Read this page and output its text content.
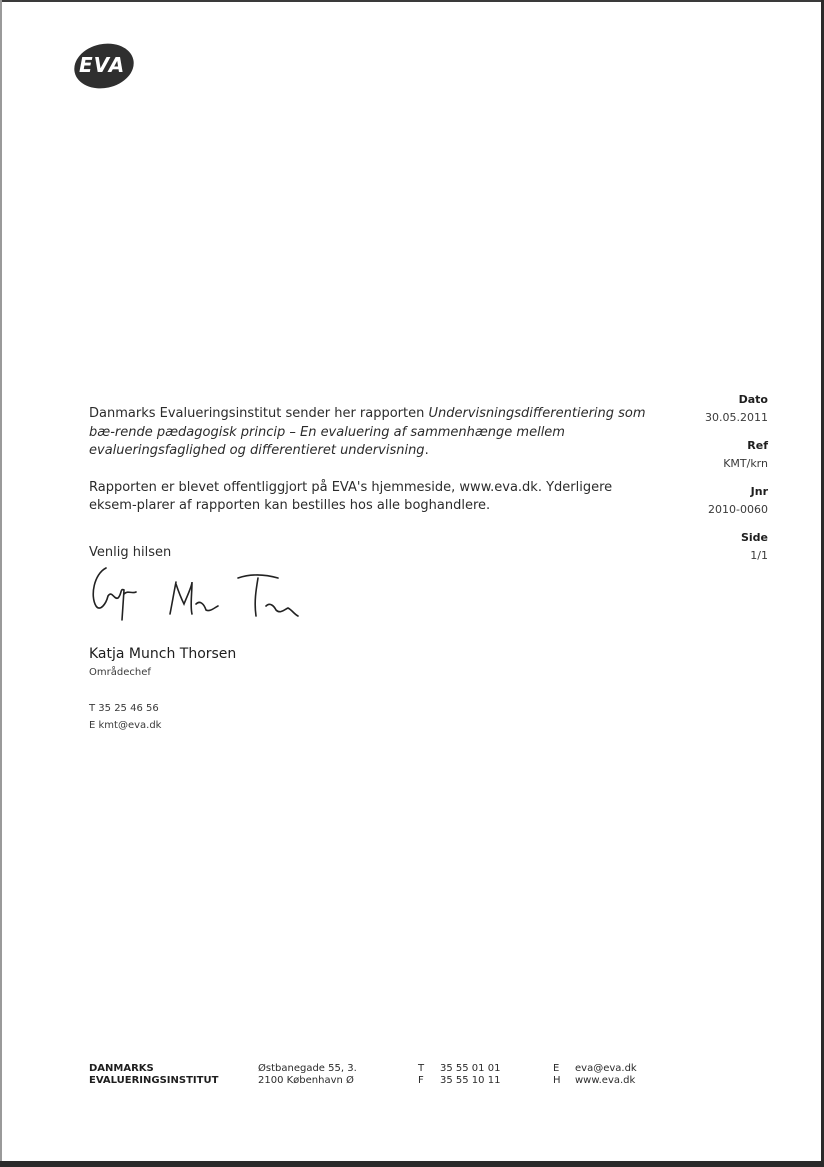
EVA
Dato
30.05.2011
Ref
KMT/krn
Jnr
2010-0060
Side
1/1

Danmarks Evalueringsinstitut sender her rapporten Undervisningsdifferentiering som bæ-rende pædagogisk princip – En evaluering af sammenhænge mellem evalueringsfaglighed og differentieret undervisning.

Rapporten er blevet offentliggjort på EVA's hjemmeside, www.eva.dk. Yderligere eksem-plarer af rapporten kan bestilles hos alle boghandlere.

Venlig hilsen
Katja Munch Thorsen
Områdechef
T 35 25 46 56
E kmt@eva.dk
DANMARKS
EVALUERINGSINSTITUT
Østbanegade 55, 3.
2100 København Ø
T 35 55 01 01
F 35 55 10 11
E eva@eva.dk
H www.eva.dk
